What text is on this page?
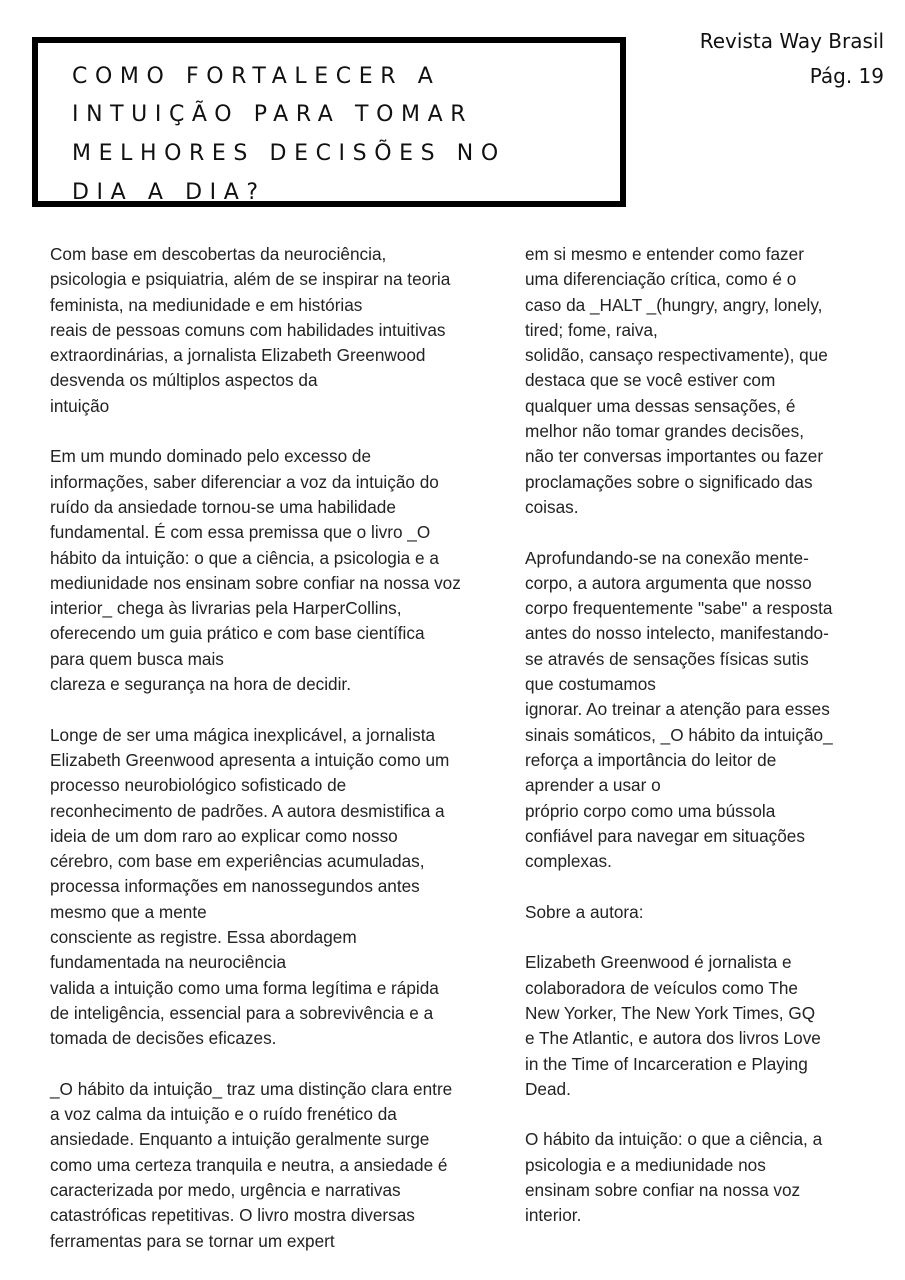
COMO FORTALECER A
INTUIÇÃO PARA TOMAR
MELHORES DECISÕES NO
DIA A DIA?
Revista Way Brasil
Pág. 19
Com base em descobertas da neurociência,
psicologia e psiquiatria, além de se inspirar na teoria
feminista, na mediunidade e em histórias
reais de pessoas comuns com habilidades intuitivas
extraordinárias, a jornalista Elizabeth Greenwood
desvenda os múltiplos aspectos da
intuição
Em um mundo dominado pelo excesso de
informações, saber diferenciar a voz da intuição do
ruído da ansiedade tornou-se uma habilidade
fundamental. É com essa premissa que o livro _O
hábito da intuição: o que a ciência, a psicologia e a
mediunidade nos ensinam sobre confiar na nossa voz
interior_ chega às livrarias pela HarperCollins,
oferecendo um guia prático e com base científica
para quem busca mais
clareza e segurança na hora de decidir.
Longe de ser uma mágica inexplicável, a jornalista
Elizabeth Greenwood apresenta a intuição como um
processo neurobiológico sofisticado de
reconhecimento de padrões. A autora desmistifica a
ideia de um dom raro ao explicar como nosso
cérebro, com base em experiências acumuladas,
processa informações em nanossegundos antes
mesmo que a mente
consciente as registre. Essa abordagem
fundamentada na neurociência
valida a intuição como uma forma legítima e rápida
de inteligência, essencial para a sobrevivência e a
tomada de decisões eficazes.
_O hábito da intuição_ traz uma distinção clara entre
a voz calma da intuição e o ruído frenético da
ansiedade. Enquanto a intuição geralmente surge
como uma certeza tranquila e neutra, a ansiedade é
caracterizada por medo, urgência e narrativas
catastróficas repetitivas. O livro mostra diversas
ferramentas para se tornar um expert
em si mesmo e entender como fazer
uma diferenciação crítica, como é o
caso da _HALT _(hungry, angry, lonely,
tired; fome, raiva,
solidão, cansaço respectivamente), que
destaca que se você estiver com
qualquer uma dessas sensações, é
melhor não tomar grandes decisões,
não ter conversas importantes ou fazer
proclamações sobre o significado das
coisas.
Aprofundando-se na conexão mente-
corpo, a autora argumenta que nosso
corpo frequentemente "sabe" a resposta
antes do nosso intelecto, manifestando-
se através de sensações físicas sutis
que costumamos
ignorar. Ao treinar a atenção para esses
sinais somáticos, _O hábito da intuição_
reforça a importância do leitor de
aprender a usar o
próprio corpo como uma bússola
confiável para navegar em situações
complexas.
Sobre a autora:
Elizabeth Greenwood é jornalista e
colaboradora de veículos como The
New Yorker, The New York Times, GQ
e The Atlantic, e autora dos livros Love
in the Time of Incarceration e Playing
Dead.
O hábito da intuição: o que a ciência, a
psicologia e a mediunidade nos
ensinam sobre confiar na nossa voz
interior.
